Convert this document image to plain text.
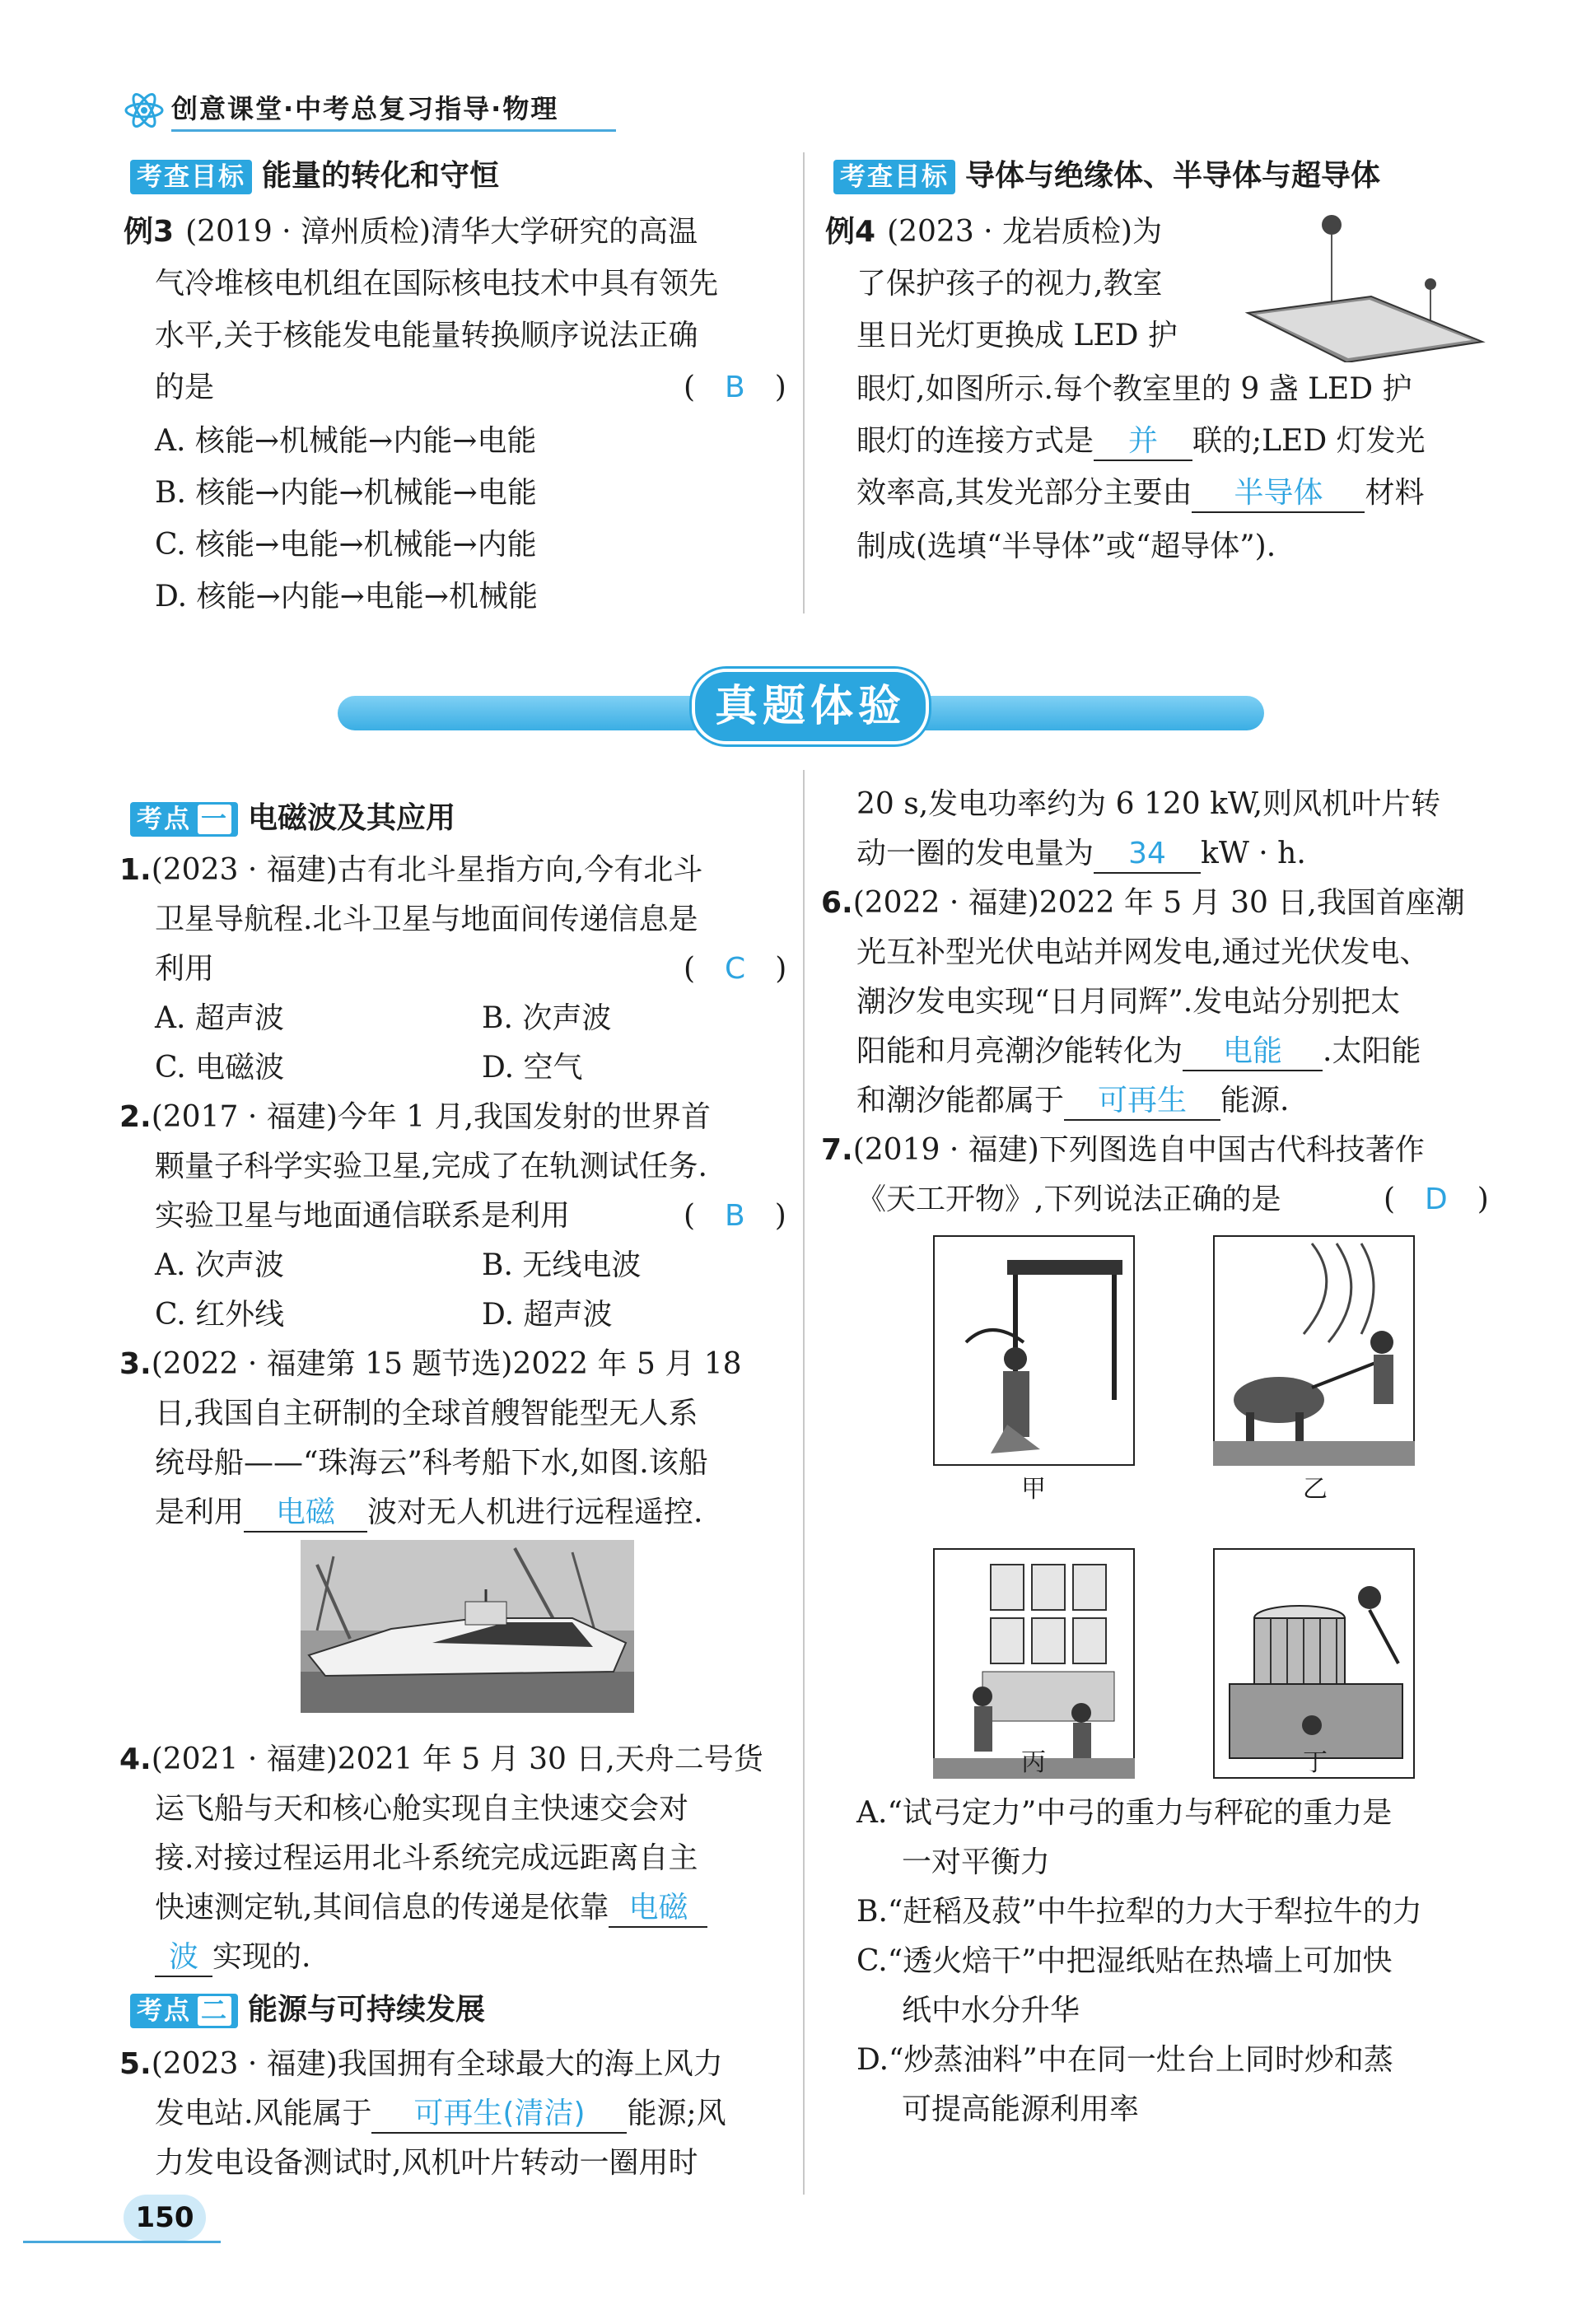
创意课堂·中考总复习指导·物理
考查目标 能量的转化和守恒
例3 (2019 · 漳州质检)清华大学研究的高温
气冷堆核电机组在国际核电技术中具有领先
水平,关于核能发电能量转换顺序说法正确
的是	(　B　)
A. 核能→机械能→内能→电能
B. 核能→内能→机械能→电能
C. 核能→电能→机械能→内能
D. 核能→内能→电能→机械能
考查目标 导体与绝缘体、半导体与超导体
例4 (2023 · 龙岩质检)为
了保护孩子的视力,教室
里日光灯更换成 LED 护
眼灯,如图所示.每个教室里的 9 盏 LED 护
眼灯的连接方式是 并 联的;LED 灯发光
效率高,其发光部分主要由 半导体 材料
制成(选填“半导体”或“超导体”).
真题体验
考点 一 电磁波及其应用
1.(2023 · 福建)古有北斗星指方向,今有北斗
卫星导航程.北斗卫星与地面间传递信息是
利用	(　C　)
A. 超声波	B. 次声波
C. 电磁波	D. 空气
2.(2017 · 福建)今年 1 月,我国发射的世界首
颗量子科学实验卫星,完成了在轨测试任务.
实验卫星与地面通信联系是利用	(　B　)
A. 次声波	B. 无线电波
C. 红外线	D. 超声波
3.(2022 · 福建第 15 题节选)2022 年 5 月 18
日,我国自主研制的全球首艘智能型无人系
统母船——“珠海云”科考船下水,如图.该船
是利用 电磁 波对无人机进行远程遥控.
4.(2021 · 福建)2021 年 5 月 30 日,天舟二号货
运飞船与天和核心舱实现自主快速交会对
接.对接过程运用北斗系统完成远距离自主
快速测定轨,其间信息的传递是依靠 电磁
波 实现的.
考点 二 能源与可持续发展
5.(2023 · 福建)我国拥有全球最大的海上风力
发电站.风能属于 可再生(清洁) 能源;风
力发电设备测试时,风机叶片转动一圈用时
20 s,发电功率约为 6 120 kW,则风机叶片转
动一圈的发电量为 34 kW · h.
6.(2022 · 福建)2022 年 5 月 30 日,我国首座潮
光互补型光伏电站并网发电,通过光伏发电、
潮汐发电实现“日月同辉”.发电站分别把太
阳能和月亮潮汐能转化为 电能 .太阳能
和潮汐能都属于 可再生 能源.
7.(2019 · 福建)下列图选自中国古代科技著作
《天工开物》,下列说法正确的是	(　D　)
甲	乙
丙	丁
A.“试弓定力”中弓的重力与秤砣的重力是
一对平衡力
B.“赶稻及菽”中牛拉犁的力大于犁拉牛的力
C.“透火焙干”中把湿纸贴在热墙上可加快
纸中水分升华
D.“炒蒸油料”中在同一灶台上同时炒和蒸
可提高能源利用率
150
